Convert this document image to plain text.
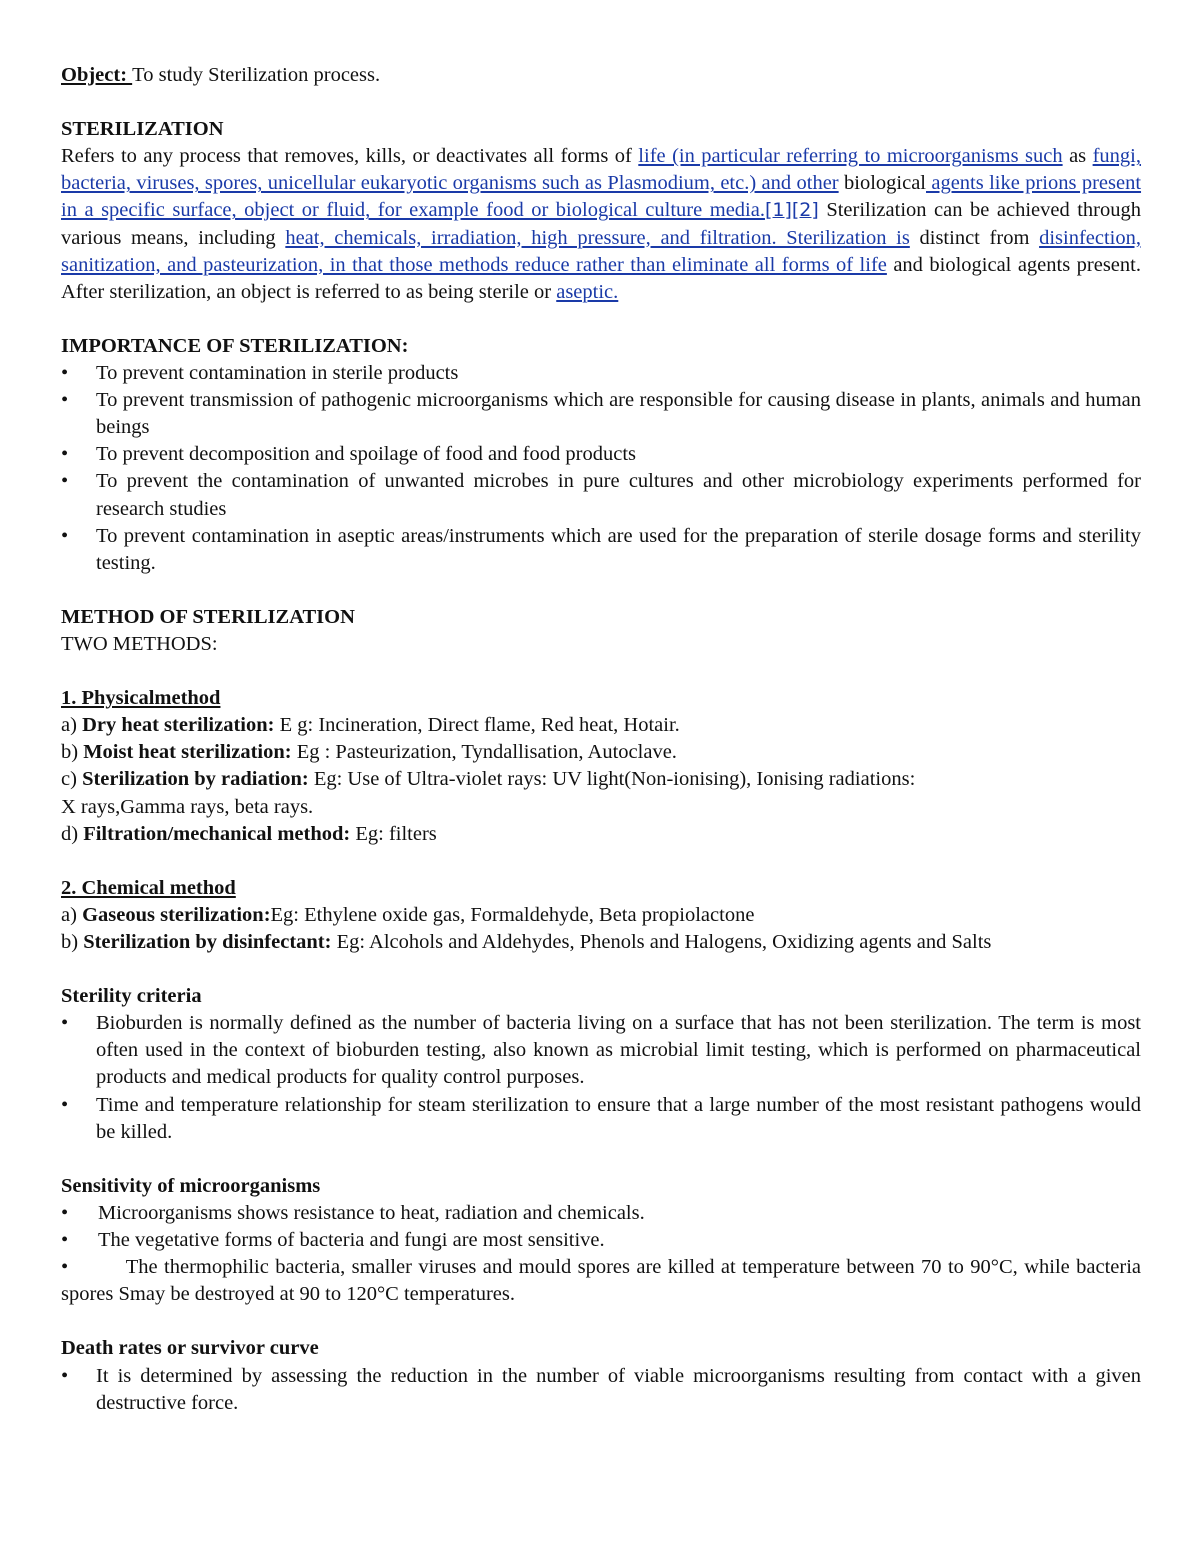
Object: To study Sterilization process.

STERILIZATION

Refers to any process that removes, kills, or deactivates all forms of life (in particular referring to microorganisms such as fungi, bacteria, viruses, spores, unicellular eukaryotic organisms such as Plasmodium, etc.) and other biological agents like prions present in a specific surface, object or fluid, for example food or biological culture media.[1][2] Sterilization can be achieved through various means, including heat, chemicals, irradiation, high pressure, and filtration. Sterilization is distinct from disinfection, sanitization, and pasteurization, in that those methods reduce rather than eliminate all forms of life and biological agents present. After sterilization, an object is referred to as being sterile or aseptic.

IMPORTANCE OF STERILIZATION:

• To prevent contamination in sterile products
• To prevent transmission of pathogenic microorganisms which are responsible for causing disease in plants, animals and human beings
• To prevent decomposition and spoilage of food and food products
• To prevent the contamination of unwanted microbes in pure cultures and other microbiology experiments performed for research studies
• To prevent contamination in aseptic areas/instruments which are used for the preparation of sterile dosage forms and sterility testing.

METHOD OF STERILIZATION

TWO METHODS:

1. Physicalmethod

a) Dry heat sterilization: E g: Incineration, Direct flame, Red heat, Hotair.

b) Moist heat sterilization: Eg : Pasteurization, Tyndallisation, Autoclave.

c) Sterilization by radiation: Eg: Use of Ultra-violet rays: UV light(Non-ionising), Ionising radiations:

X rays,Gamma rays, beta rays.

d) Filtration/mechanical method: Eg: filters

2. Chemical method

a) Gaseous sterilization:Eg: Ethylene oxide gas, Formaldehyde, Beta propiolactone

b) Sterilization by disinfectant: Eg: Alcohols and Aldehydes, Phenols and Halogens, Oxidizing agents and Salts

Sterility criteria

• Bioburden is normally defined as the number of bacteria living on a surface that has not been sterilization. The term is most often used in the context of bioburden testing, also known as microbial limit testing, which is performed on pharmaceutical products and medical products for quality control purposes.
• Time and temperature relationship for steam sterilization to ensure that a large number of the most resistant pathogens would be killed.

Sensitivity of microorganisms

• Microorganisms shows resistance to heat, radiation and chemicals.
• The vegetative forms of bacteria and fungi are most sensitive.

•         The thermophilic bacteria, smaller viruses and mould spores are killed at temperature between 70 to 90°C, while bacteria spores Smay be destroyed at 90 to 120°C temperatures.

Death rates or survivor curve

• It is determined by assessing the reduction in the number of viable microorganisms resulting from contact with a given destructive force.
